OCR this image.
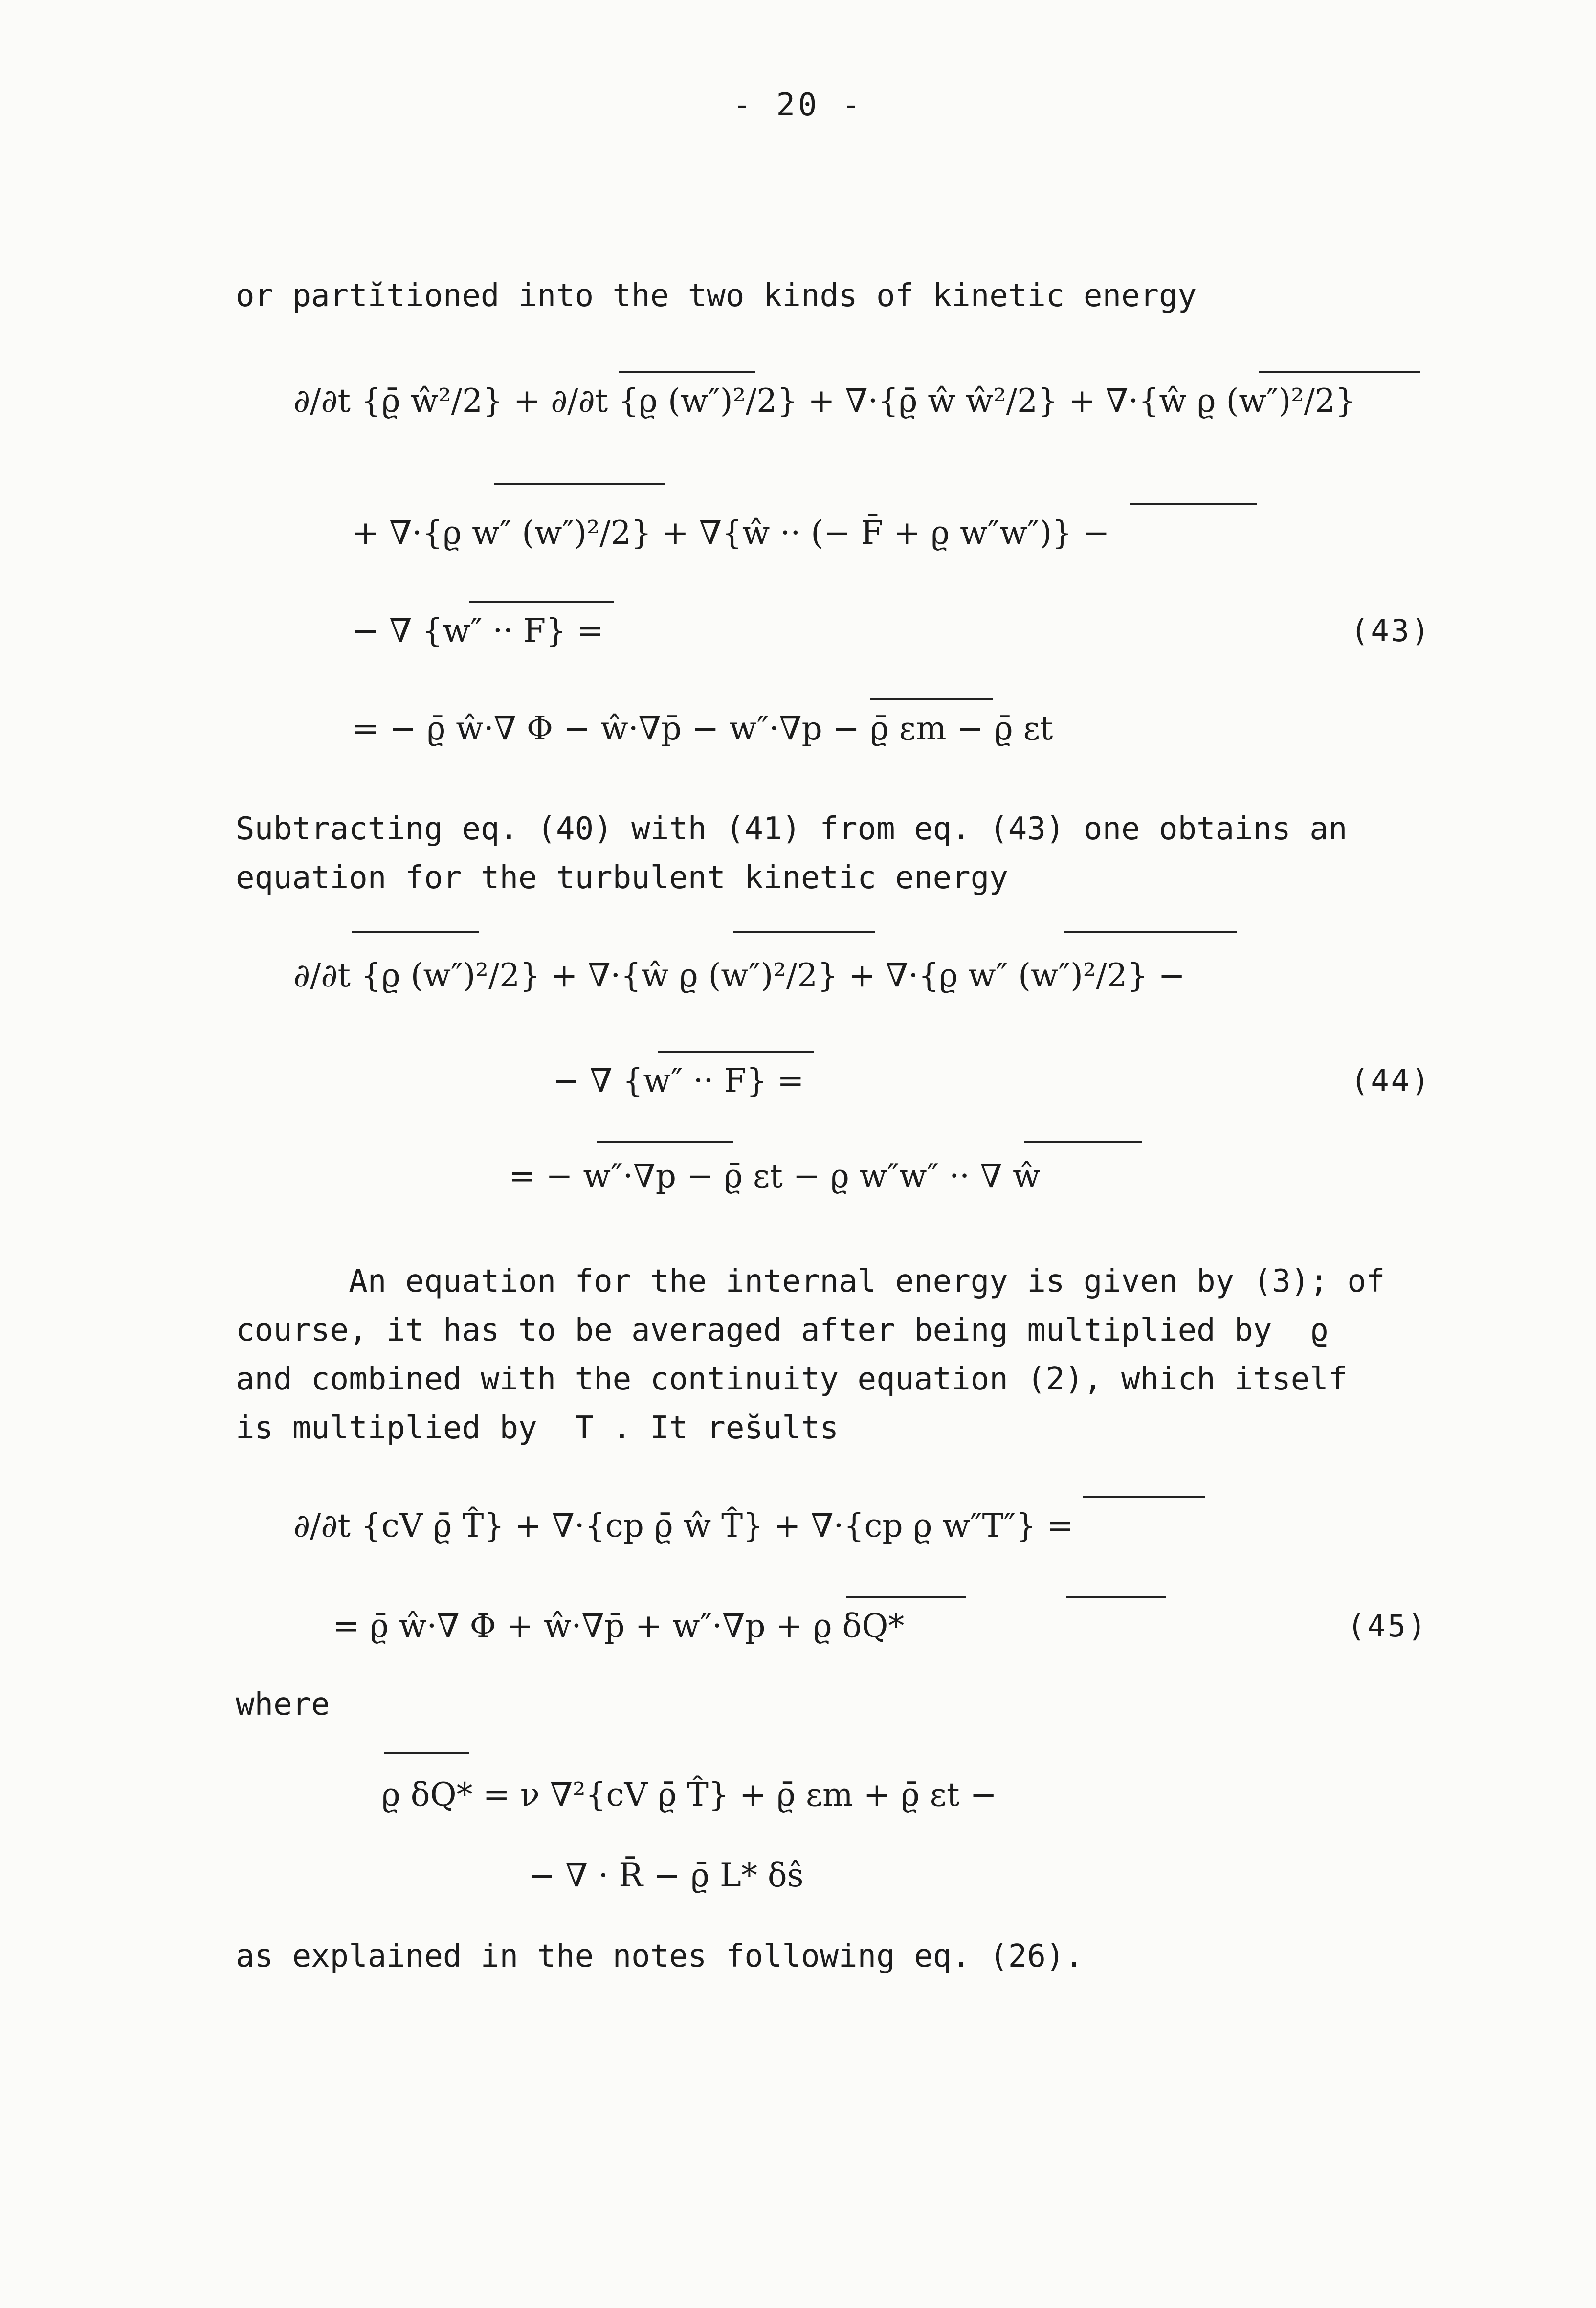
- 20 -

or partĭtioned into the two kinds of kinetic energy

∂/∂t {ϱ̄ ŵ²/2} + ∂/∂t {ϱ (w″)²/2} + ∇·{ϱ̄ ŵ ŵ²/2} + ∇·{ŵ ϱ (w″)²/2}
+ ∇·{ϱ w″ (w″)²/2} + ∇{ŵ ·· (− F̄ + ϱ w″w″)} −
− ∇ {w″ ·· F} =	(43)
= − ϱ̄ ŵ·∇ Φ − ŵ·∇p̄ − w″·∇p − ϱ̄ εm − ϱ̄ εt

Subtracting eq. (40) with (41) from eq. (43) one obtains an
equation for the turbulent kinetic energy

∂/∂t {ϱ (w″)²/2} + ∇·{ŵ ϱ (w″)²/2} + ∇·{ϱ w″ (w″)²/2} −
− ∇ {w″ ·· F} =	(44)
= − w″·∇p − ϱ̄ εt − ϱ w″w″ ·· ∇ ŵ

An equation for the internal energy is given by (3); of
course, it has to be averaged after being multiplied by  ϱ
and combined with the continuity equation (2), which itself
is multiplied by  T . It res̆ults

∂/∂t {cV ϱ̄ T̂} + ∇·{cp ϱ̄ ŵ T̂} + ∇·{cp ϱ w″T″} =
= ϱ̄ ŵ·∇ Φ + ŵ·∇p̄ + w″·∇p + ϱ δQ*	(45)

where

ϱ δQ* = ν ∇²{cV ϱ̄ T̂} + ϱ̄ εm + ϱ̄ εt −
− ∇ · R̄ − ϱ̄ L* δŝ

as explained in the notes following eq. (26).
